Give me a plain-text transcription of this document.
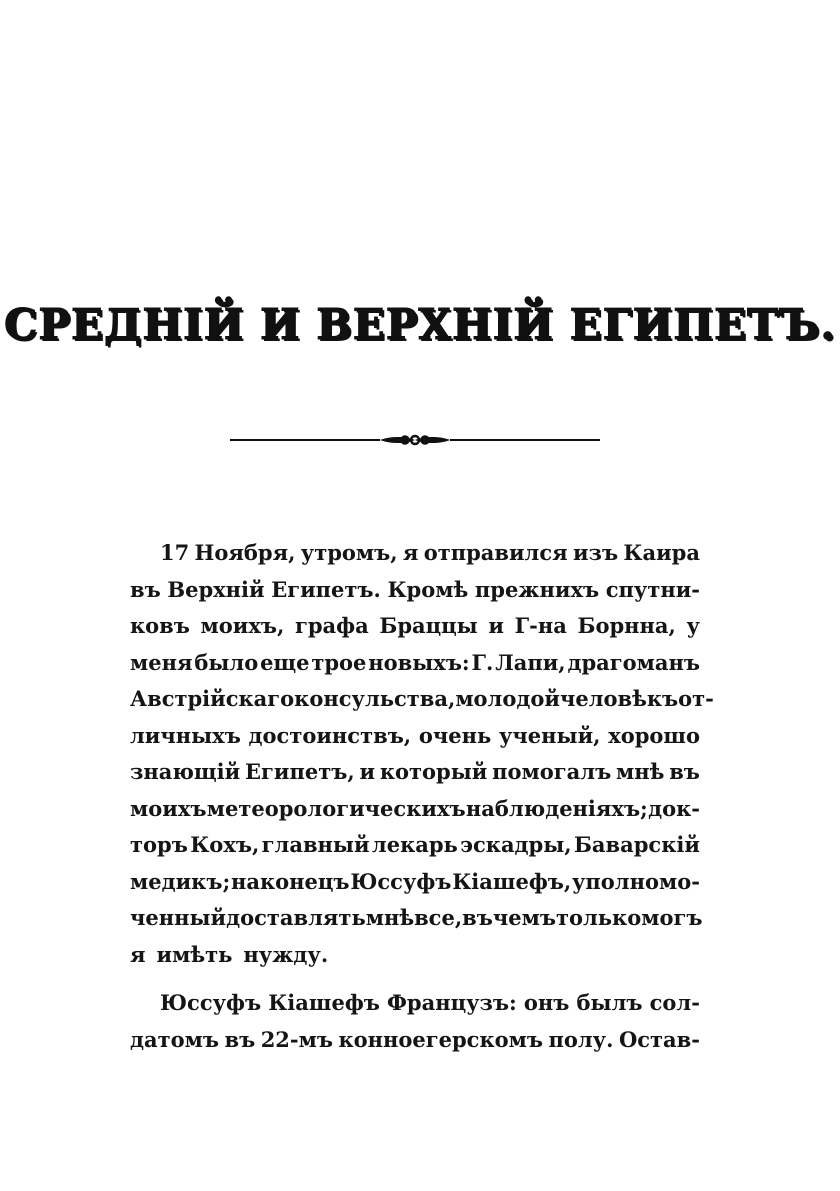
СРЕДНІЙ И ВЕРХНІЙ ЕГИПЕТЪ.
17 Ноября, утромъ, я отправился изъ Каира
въ Верхній Египетъ. Кромѣ прежнихъ спутни-
ковъ моихъ, графа Браццы и Г-на Борнна, у
меня было еще трое новыхъ: Г. Лапи, драгоманъ
Австрійскаго консульства, молодой человѣкъ от-
личныхъ достоинствъ, очень ученый, хорошо
знающій Египетъ, и который помогалъ мнѣ въ
моихъ метеорологическихъ наблюденіяхъ; док-
торъ Кохъ, главный лекарь эскадры, Баварскій
медикъ; наконецъ Юссуфъ Кіашефъ, уполномо-
ченный доставлять мнѣ все, въ чемъ только могъ
я имѣть нужду.
Юссуфъ Кіашефъ Французъ: онъ былъ сол-
датомъ въ 22-мъ конноегерскомъ полу. Остав-
